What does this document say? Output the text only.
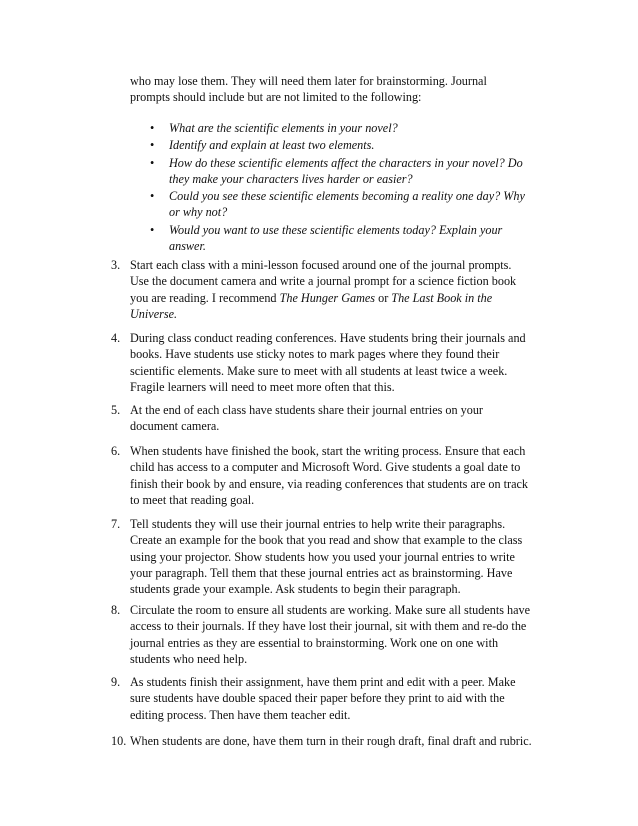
who may lose them. They will need them later for brainstorming. Journal
prompts should include but are not limited to the following:
• What are the scientific elements in your novel?
• Identify and explain at least two elements.
• How do these scientific elements affect the characters in your novel? Do
they make your characters lives harder or easier?
• Could you see these scientific elements becoming a reality one day? Why
or why not?
• Would you want to use these scientific elements today? Explain your
answer.
3. Start each class with a mini-lesson focused around one of the journal prompts.
Use the document camera and write a journal prompt for a science fiction book
you are reading. I recommend The Hunger Games or The Last Book in the
Universe.
4. During class conduct reading conferences. Have students bring their journals and
books. Have students use sticky notes to mark pages where they found their
scientific elements. Make sure to meet with all students at least twice a week.
Fragile learners will need to meet more often that this.
5. At the end of each class have students share their journal entries on your
document camera.
6. When students have finished the book, start the writing process. Ensure that each
child has access to a computer and Microsoft Word. Give students a goal date to
finish their book by and ensure, via reading conferences that students are on track
to meet that reading goal.
7. Tell students they will use their journal entries to help write their paragraphs.
Create an example for the book that you read and show that example to the class
using your projector. Show students how you used your journal entries to write
your paragraph. Tell them that these journal entries act as brainstorming. Have
students grade your example. Ask students to begin their paragraph.
8. Circulate the room to ensure all students are working. Make sure all students have
access to their journals. If they have lost their journal, sit with them and re-do the
journal entries as they are essential to brainstorming. Work one on one with
students who need help.
9. As students finish their assignment, have them print and edit with a peer. Make
sure students have double spaced their paper before they print to aid with the
editing process. Then have them teacher edit.
10. When students are done, have them turn in their rough draft, final draft and rubric.
